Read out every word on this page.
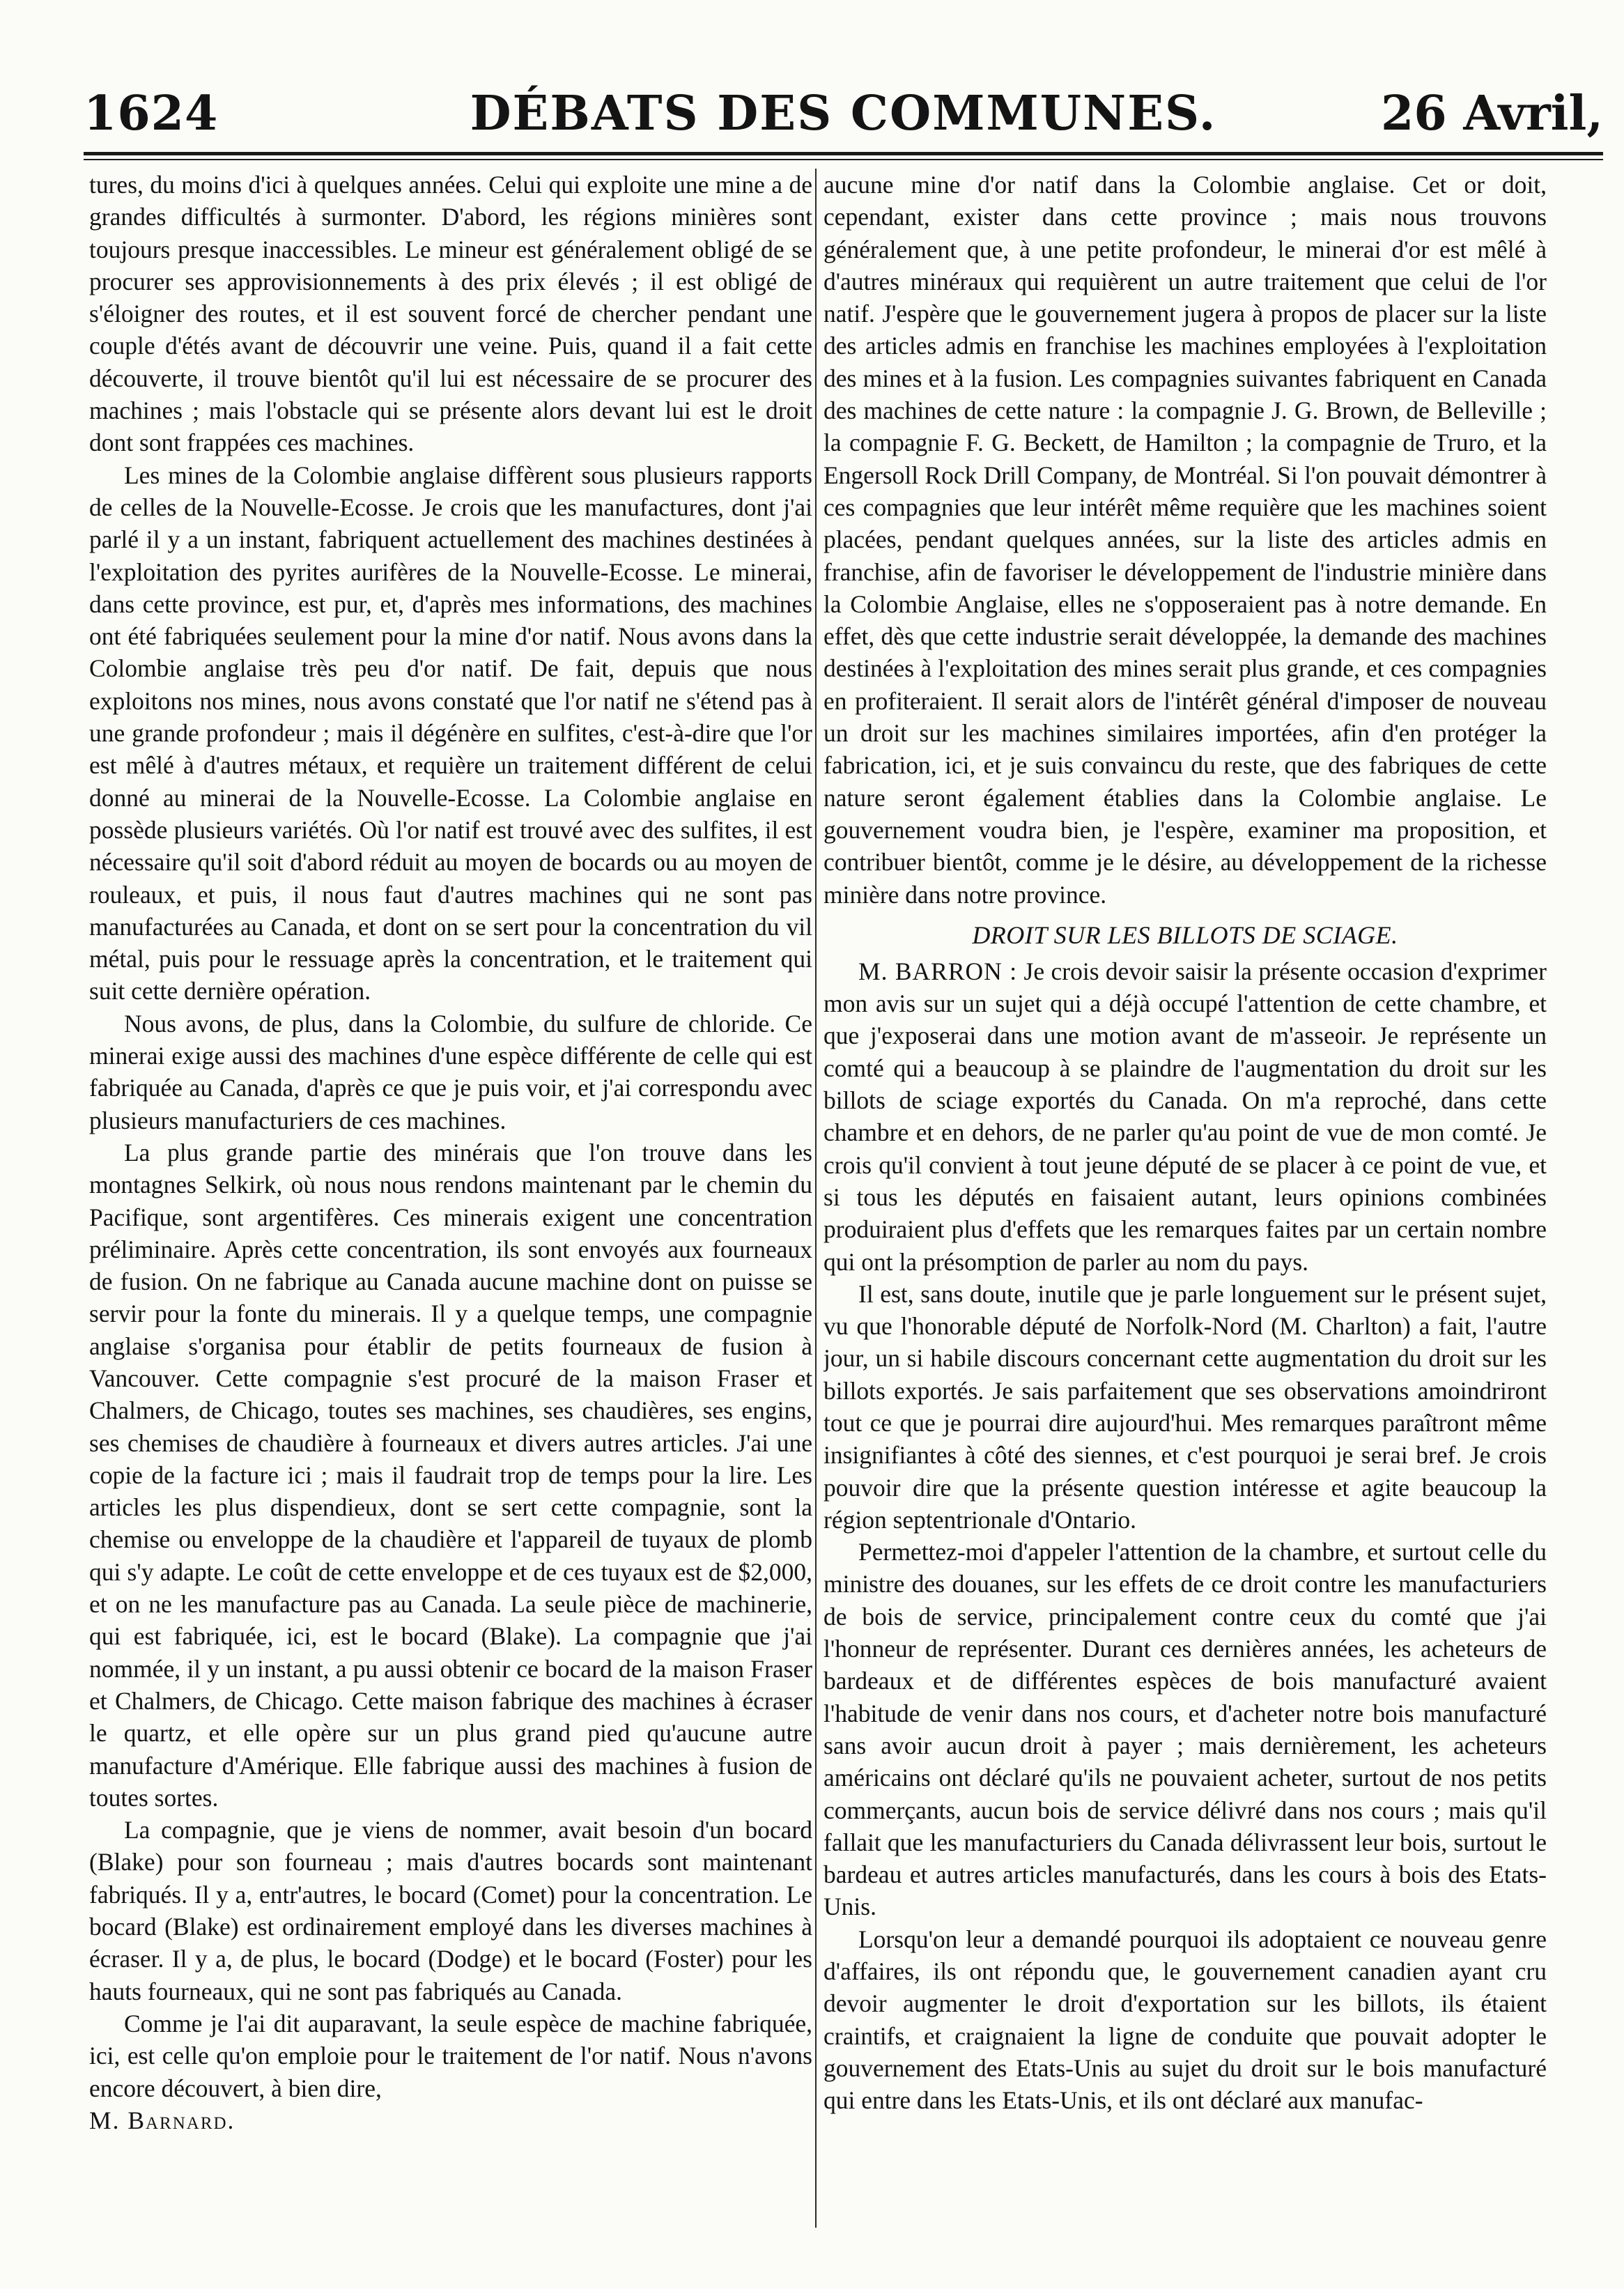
1624	DÉBATS DES COMMUNES.	26 Avril,

tures, du moins d'ici à quelques années. Celui qui exploite une mine a de grandes difficultés à surmonter. D'abord, les régions minières sont toujours presque inaccessibles. Le mineur est généralement obligé de se procurer ses approvisionnements à des prix élevés ; il est obligé de s'éloigner des routes, et il est souvent forcé de chercher pendant une couple d'étés avant de découvrir une veine. Puis, quand il a fait cette découverte, il trouve bientôt qu'il lui est nécessaire de se procurer des machines ; mais l'obstacle qui se présente alors devant lui est le droit dont sont frappées ces machines.

Les mines de la Colombie anglaise diffèrent sous plusieurs rapports de celles de la Nouvelle-Ecosse. Je crois que les manufactures, dont j'ai parlé il y a un instant, fabriquent actuellement des machines destinées à l'exploitation des pyrites aurifères de la Nouvelle-Ecosse. Le minerai, dans cette province, est pur, et, d'après mes informations, des machines ont été fabriquées seulement pour la mine d'or natif. Nous avons dans la Colombie anglaise très peu d'or natif. De fait, depuis que nous exploitons nos mines, nous avons constaté que l'or natif ne s'étend pas à une grande profondeur ; mais il dégénère en sulfites, c'est-à-dire que l'or est mêlé à d'autres métaux, et requière un traitement différent de celui donné au minerai de la Nouvelle-Ecosse. La Colombie anglaise en possède plusieurs variétés. Où l'or natif est trouvé avec des sulfites, il est nécessaire qu'il soit d'abord réduit au moyen de bocards ou au moyen de rouleaux, et puis, il nous faut d'autres machines qui ne sont pas manufacturées au Canada, et dont on se sert pour la concentration du vil métal, puis pour le ressuage après la concentration, et le traitement qui suit cette dernière opération.

Nous avons, de plus, dans la Colombie, du sulfure de chloride. Ce minerai exige aussi des machines d'une espèce différente de celle qui est fabriquée au Canada, d'après ce que je puis voir, et j'ai correspondu avec plusieurs manufacturiers de ces machines.

La plus grande partie des minérais que l'on trouve dans les montagnes Selkirk, où nous nous rendons maintenant par le chemin du Pacifique, sont argentifères. Ces minerais exigent une concentration préliminaire. Après cette concentration, ils sont envoyés aux fourneaux de fusion. On ne fabrique au Canada aucune machine dont on puisse se servir pour la fonte du minerais. Il y a quelque temps, une compagnie anglaise s'organisa pour établir de petits fourneaux de fusion à Vancouver. Cette compagnie s'est procuré de la maison Fraser et Chalmers, de Chicago, toutes ses machines, ses chaudières, ses engins, ses chemises de chaudière à fourneaux et divers autres articles. J'ai une copie de la facture ici ; mais il faudrait trop de temps pour la lire. Les articles les plus dispendieux, dont se sert cette compagnie, sont la chemise ou enveloppe de la chaudière et l'appareil de tuyaux de plomb qui s'y adapte. Le coût de cette enveloppe et de ces tuyaux est de $2,000, et on ne les manufacture pas au Canada. La seule pièce de machinerie, qui est fabriquée, ici, est le bocard (Blake). La compagnie que j'ai nommée, il y un instant, a pu aussi obtenir ce bocard de la maison Fraser et Chalmers, de Chicago. Cette maison fabrique des machines à écraser le quartz, et elle opère sur un plus grand pied qu'aucune autre manufacture d'Amérique. Elle fabrique aussi des machines à fusion de toutes sortes.

La compagnie, que je viens de nommer, avait besoin d'un bocard (Blake) pour son fourneau ; mais d'autres bocards sont maintenant fabriqués. Il y a, entr'autres, le bocard (Comet) pour la concentration. Le bocard (Blake) est ordinairement employé dans les diverses machines à écraser. Il y a, de plus, le bocard (Dodge) et le bocard (Foster) pour les hauts fourneaux, qui ne sont pas fabriqués au Canada.

Comme je l'ai dit auparavant, la seule espèce de machine fabriquée, ici, est celle qu'on emploie pour le traitement de l'or natif. Nous n'avons encore découvert, à bien dire,

M. Barnard.

aucune mine d'or natif dans la Colombie anglaise. Cet or doit, cependant, exister dans cette province ; mais nous trouvons généralement que, à une petite profondeur, le minerai d'or est mêlé à d'autres minéraux qui requièrent un autre traitement que celui de l'or natif. J'espère que le gouvernement jugera à propos de placer sur la liste des articles admis en franchise les machines employées à l'exploitation des mines et à la fusion. Les compagnies suivantes fabriquent en Canada des machines de cette nature : la compagnie J. G. Brown, de Belleville ; la compagnie F. G. Beckett, de Hamilton ; la compagnie de Truro, et la Engersoll Rock Drill Company, de Montréal. Si l'on pouvait démontrer à ces compagnies que leur intérêt même requière que les machines soient placées, pendant quelques années, sur la liste des articles admis en franchise, afin de favoriser le développement de l'industrie minière dans la Colombie Anglaise, elles ne s'opposeraient pas à notre demande. En effet, dès que cette industrie serait développée, la demande des machines destinées à l'exploitation des mines serait plus grande, et ces compagnies en profiteraient. Il serait alors de l'intérêt général d'imposer de nouveau un droit sur les machines similaires importées, afin d'en protéger la fabrication, ici, et je suis convaincu du reste, que des fabriques de cette nature seront également établies dans la Colombie anglaise. Le gouvernement voudra bien, je l'espère, examiner ma proposition, et contribuer bientôt, comme je le désire, au développement de la richesse minière dans notre province.

DROIT SUR LES BILLOTS DE SCIAGE.

M. BARRON : Je crois devoir saisir la présente occasion d'exprimer mon avis sur un sujet qui a déjà occupé l'attention de cette chambre, et que j'exposerai dans une motion avant de m'asseoir. Je représente un comté qui a beaucoup à se plaindre de l'augmentation du droit sur les billots de sciage exportés du Canada. On m'a reproché, dans cette chambre et en dehors, de ne parler qu'au point de vue de mon comté. Je crois qu'il convient à tout jeune député de se placer à ce point de vue, et si tous les députés en faisaient autant, leurs opinions combinées produiraient plus d'effets que les remarques faites par un certain nombre qui ont la présomption de parler au nom du pays.

Il est, sans doute, inutile que je parle longuement sur le présent sujet, vu que l'honorable député de Norfolk-Nord (M. Charlton) a fait, l'autre jour, un si habile discours concernant cette augmentation du droit sur les billots exportés. Je sais parfaitement que ses observations amoindriront tout ce que je pourrai dire aujourd'hui. Mes remarques paraîtront même insignifiantes à côté des siennes, et c'est pourquoi je serai bref. Je crois pouvoir dire que la présente question intéresse et agite beaucoup la région septentrionale d'Ontario.

Permettez-moi d'appeler l'attention de la chambre, et surtout celle du ministre des douanes, sur les effets de ce droit contre les manufacturiers de bois de service, principalement contre ceux du comté que j'ai l'honneur de représenter. Durant ces dernières années, les acheteurs de bardeaux et de différentes espèces de bois manufacturé avaient l'habitude de venir dans nos cours, et d'acheter notre bois manufacturé sans avoir aucun droit à payer ; mais dernièrement, les acheteurs américains ont déclaré qu'ils ne pouvaient acheter, surtout de nos petits commerçants, aucun bois de service délivré dans nos cours ; mais qu'il fallait que les manufacturiers du Canada délivrassent leur bois, surtout le bardeau et autres articles manufacturés, dans les cours à bois des Etats-Unis.

Lorsqu'on leur a demandé pourquoi ils adoptaient ce nouveau genre d'affaires, ils ont répondu que, le gouvernement canadien ayant cru devoir augmenter le droit d'exportation sur les billots, ils étaient craintifs, et craignaient la ligne de conduite que pouvait adopter le gouvernement des Etats-Unis au sujet du droit sur le bois manufacturé qui entre dans les Etats-Unis, et ils ont déclaré aux manufac-
